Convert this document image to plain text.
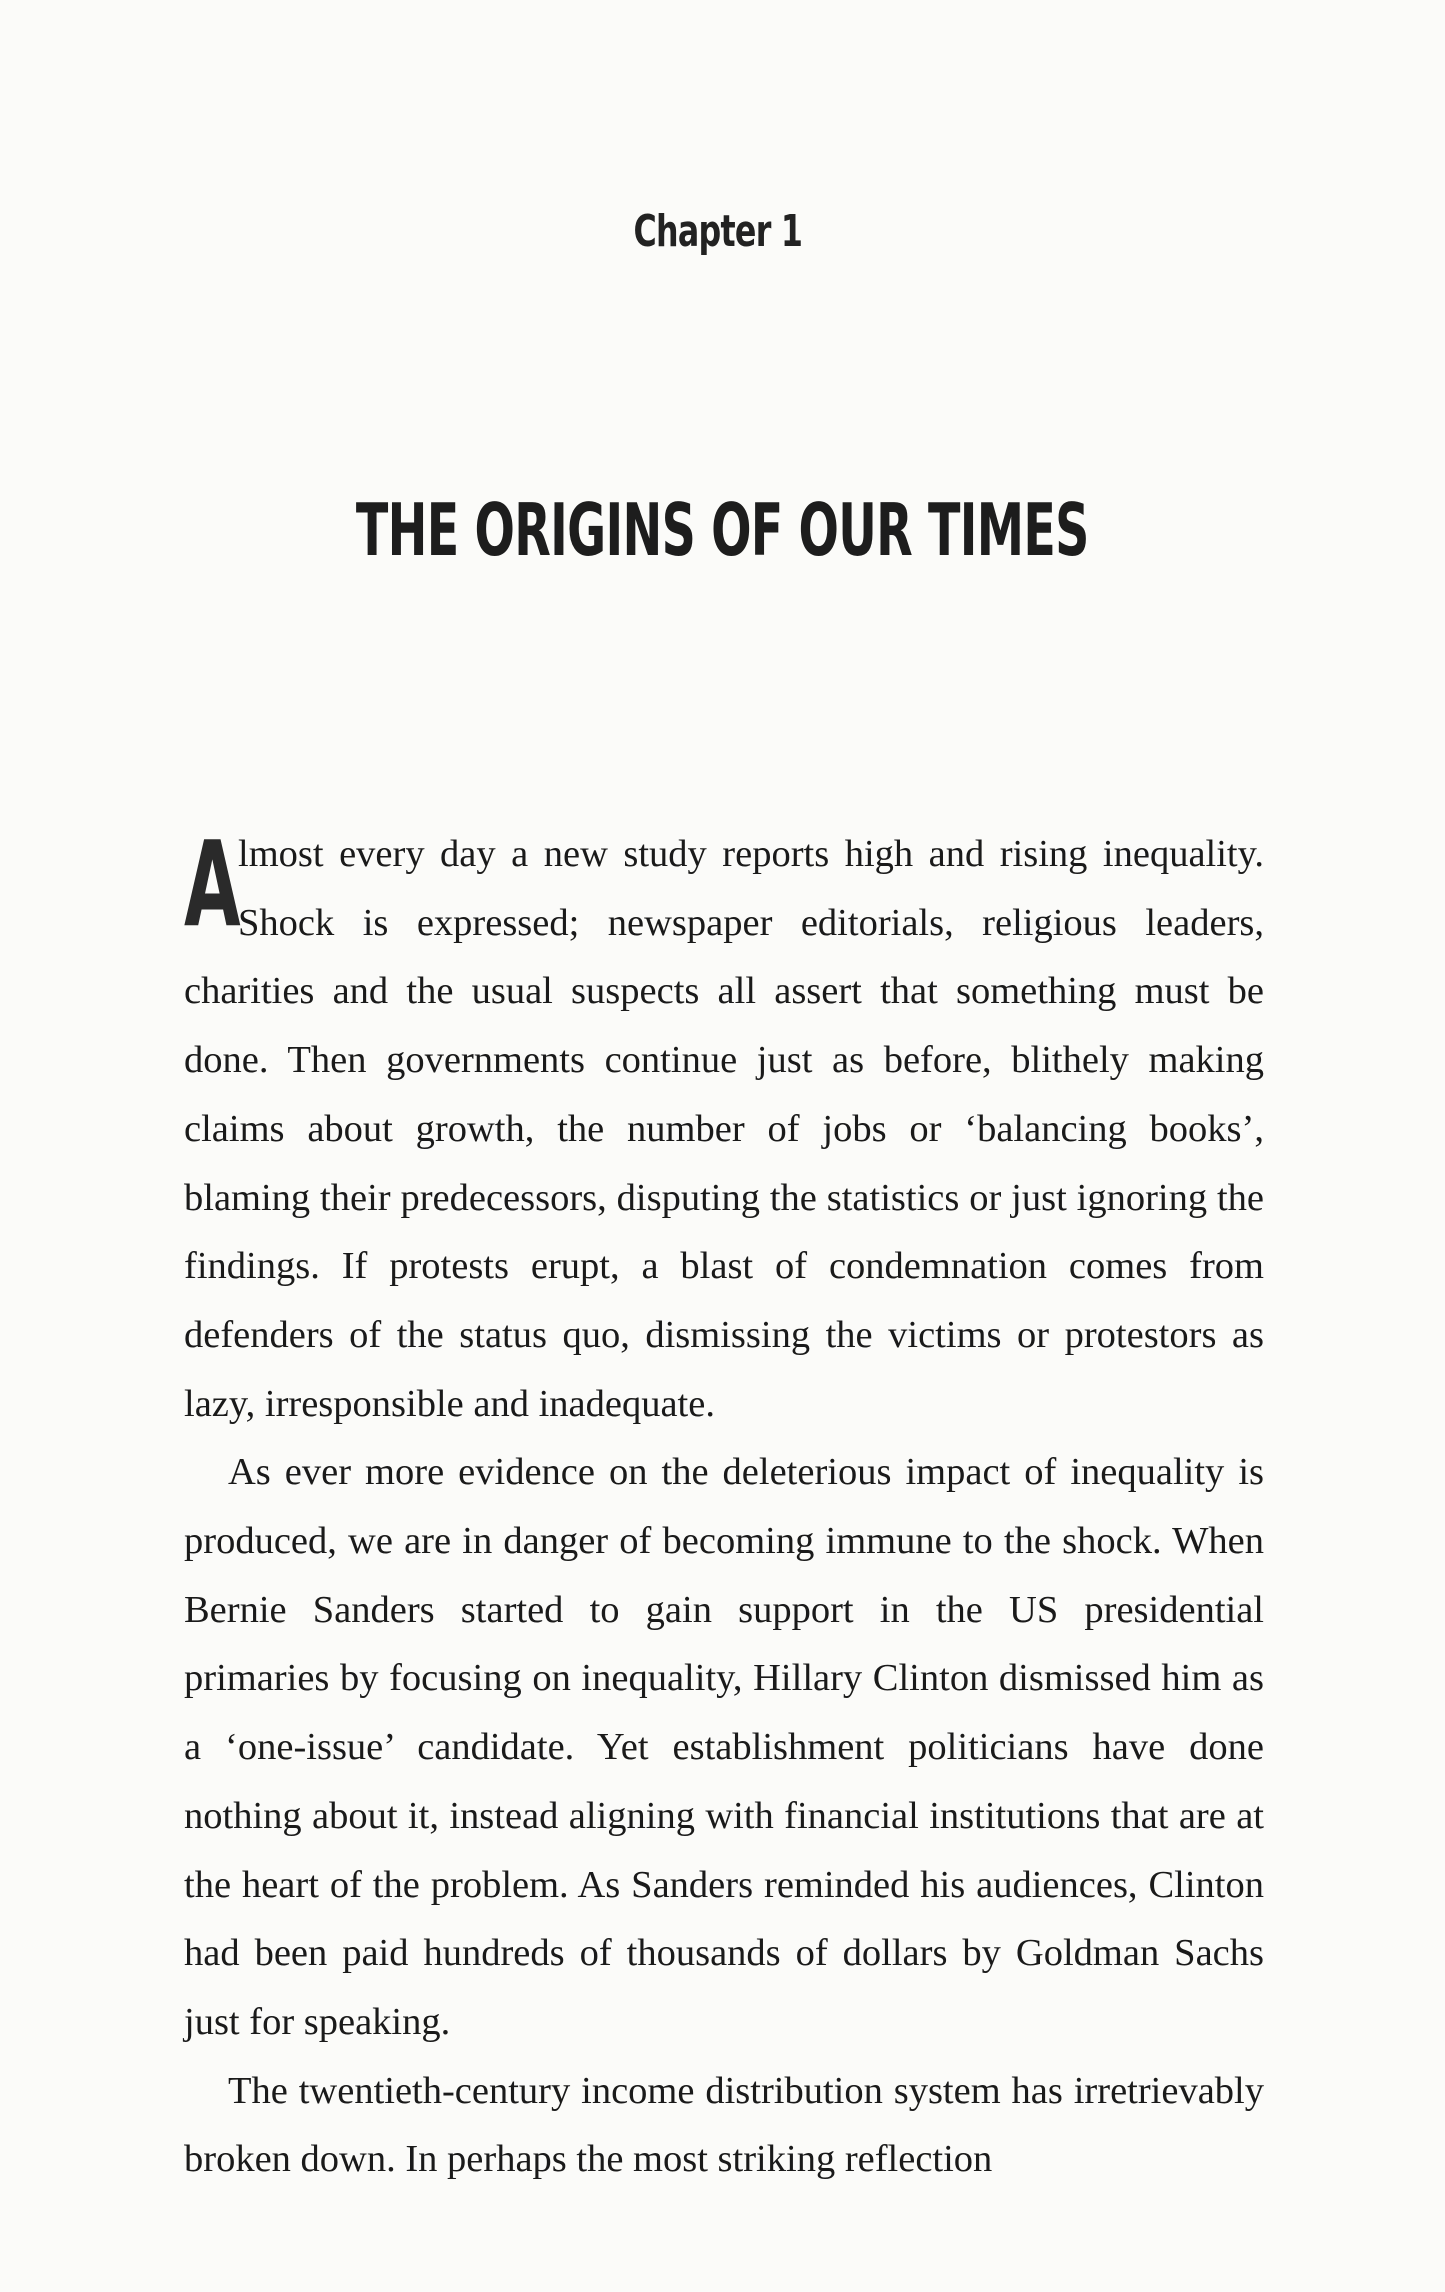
Chapter 1
THE ORIGINS OF OUR TIMES

A
lmost every day a new study reports high and rising inequality. Shock is expressed; newspaper editorials, religious leaders, charities and the usual suspects all assert that something must be done. Then governments continue just as before, blithely making claims about growth, the number of jobs or ‘balancing books’, blaming their predecessors, disputing the statistics or just ignoring the findings. If protests erupt, a blast of condemnation comes from defenders of the status quo, dismissing the victims or protestors as lazy, irresponsible and inadequate.

As ever more evidence on the deleterious impact of inequality is produced, we are in danger of becoming immune to the shock. When Bernie Sanders started to gain support in the US presidential primaries by focusing on inequality, Hillary Clinton dismissed him as a ‘one-issue’ candidate. Yet establishment politicians have done nothing about it, instead aligning with financial institutions that are at the heart of the problem. As Sanders reminded his audiences, Clinton had been paid hundreds of thousands of dollars by Goldman Sachs just for speaking.

The twentieth-century income distribution system has irretrievably broken down. In perhaps the most striking reflection
